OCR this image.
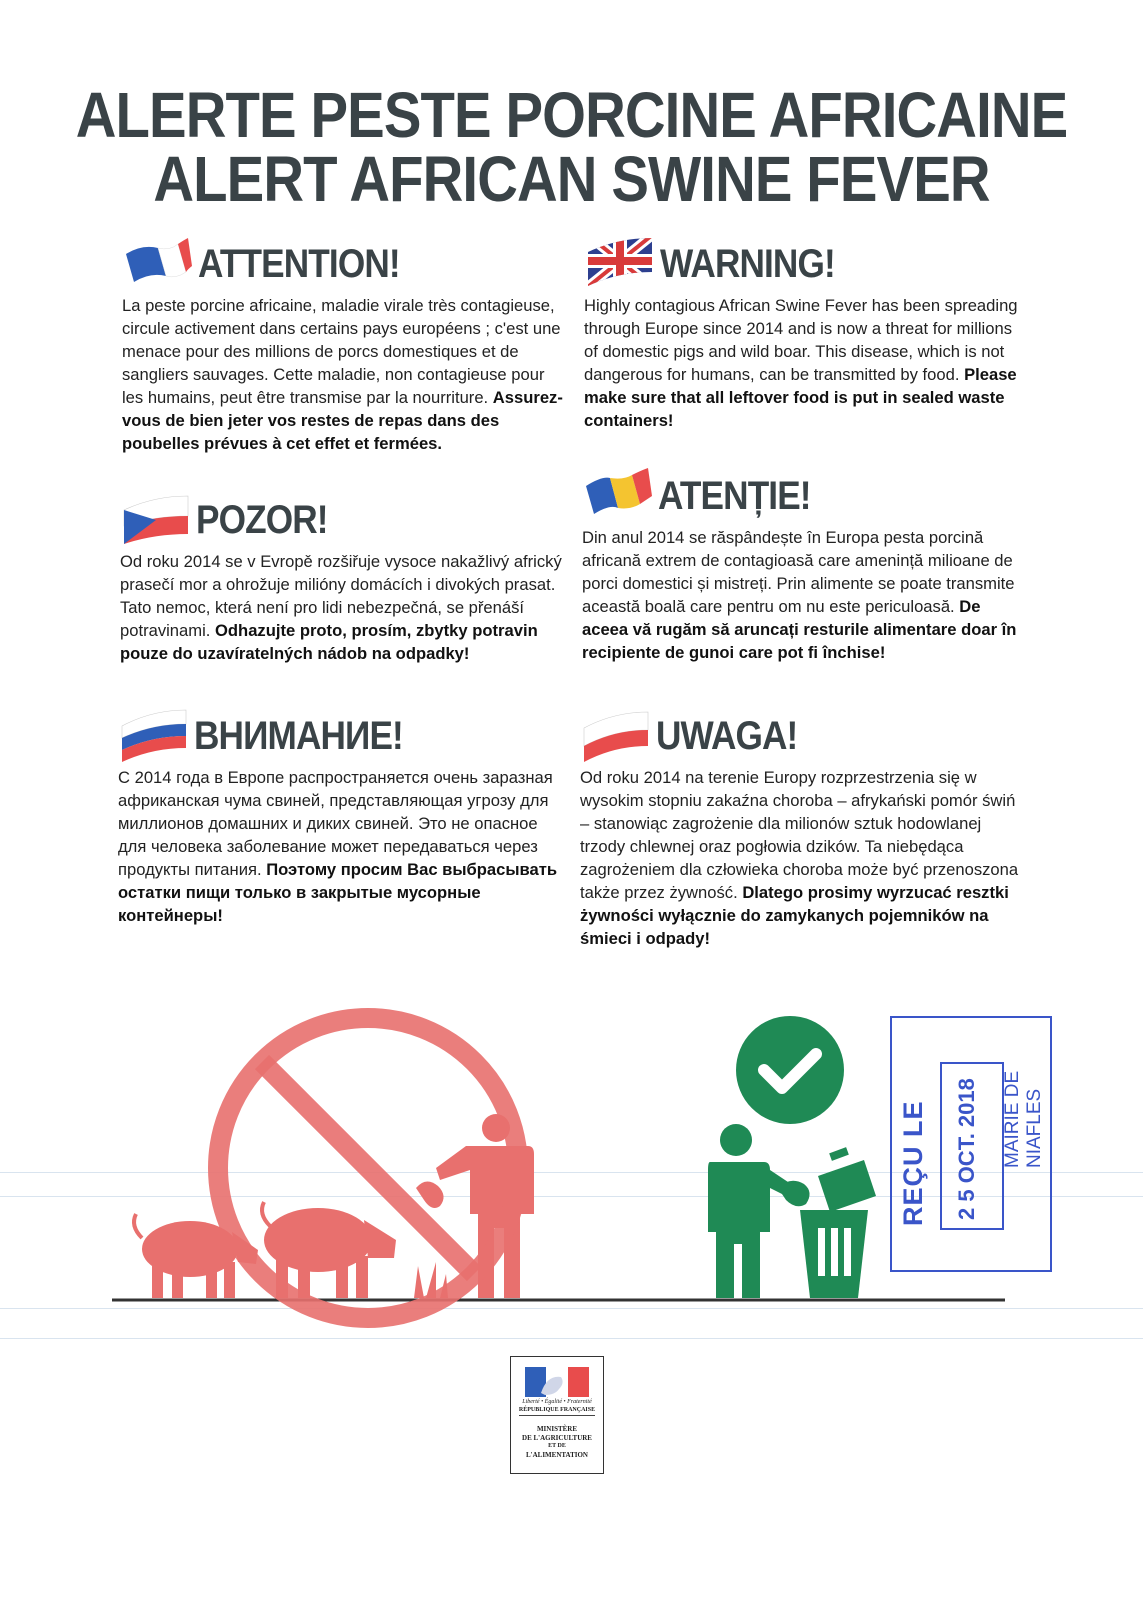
ALERTE PESTE PORCINE AFRICAINE
ALERT AFRICAN SWINE FEVER
ATTENTION!

La peste porcine africaine, maladie virale très contagieuse, circule activement dans certains pays européens ; c'est une menace pour des millions de porcs domestiques et de sangliers sauvages. Cette maladie, non contagieuse pour les humains, peut être transmise par la nourriture. Assurez-vous de bien jeter vos restes de repas dans des poubelles prévues à cet effet et fermées.

WARNING!

Highly contagious African Swine Fever has been spreading through Europe since 2014 and is now a threat for millions of domestic pigs and wild boar. This disease, which is not dangerous for humans, can be transmitted by food. Please make sure that all leftover food is put in sealed waste containers!

POZOR!

Od roku 2014 se v Evropě rozšiřuje vysoce nakažlivý africký prasečí mor a ohrožuje milióny domácích i divokých prasat. Tato nemoc, která není pro lidi nebezpečná, se přenáší potravinami. Odhazujte proto, prosím, zbytky potravin pouze do uzavíratelných nádob na odpadky!

ATENȚIE!

Din anul 2014 se răspândește în Europa pesta porcină africană extrem de contagioasă care amenință milioane de porci domestici și mistreți. Prin alimente se poate transmite această boală care pentru om nu este periculoasă. De aceea vă rugăm să aruncați resturile alimentare doar în recipiente de gunoi care pot fi închise!

ВНИМАНИЕ!

С 2014 года в Европе распространяется очень заразная африканская чума свиней, представляющая угрозу для миллионов домашних и диких свиней. Это не опасное для человека заболевание может передаваться через продукты питания. Поэтому просим Вас выбрасывать остатки пищи только в закрытые мусорные контейнеры!

UWAGA!

Od roku 2014 na terenie Europy rozprzestrzenia się w wysokim stopniu zakaźna choroba – afrykański pomór świń – stanowiąc zagrożenie dla milionów sztuk hodowlanej trzody chlewnej oraz pogłowia dzików. Ta niebędąca zagrożeniem dla człowieka choroba może być przenoszona także przez żywność. Dlatego prosimy wyrzucać resztki żywności wyłącznie do zamykanych pojemników na śmieci i odpady!

REÇU LE 2 5 OCT. 2018 MAIRIE DE NIAFLES
Liberté • Égalité • Fraternité
RÉPUBLIQUE FRANÇAISE
MINISTÈRE
DE L'AGRICULTURE
ET DE
L'ALIMENTATION
